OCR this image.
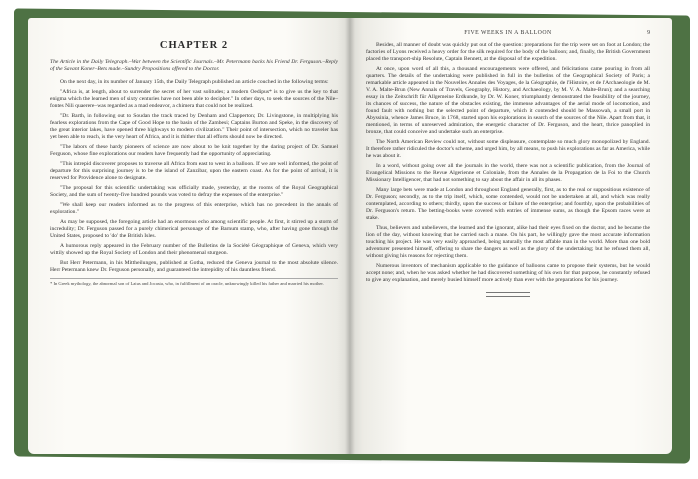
CHAPTER 2

The Article in the Daily Telegraph.–War between the Scientific Journals.–Mr. Petermann backs his Friend Dr. Ferguson.–Reply of the Savant Koner–Bets made.–Sundry Propositions offered to the Doctor.

On the next day, in its number of January 15th, the Daily Telegraph published an article couched in the following terms:

"Africa is, at length, about to surrender the secret of her vast solitudes; a modern Oedipus* is to give us the key to that enigma which the learned men of sixty centuries have not been able to decipher." In other days, to seek the sources of the Nile–fontes Nili quaerere–was regarded as a mad endeavor, a chimera that could not be realized.

"Dr. Barth, in following out to Soudan the track traced by Denham and Clapperton; Dr. Livingstone, in multiplying his fearless explorations from the Cape of Good Hope to the basin of the Zambesi; Captains Burton and Speke, in the discovery of the great interior lakes, have opened three highways to modern civilization." Their point of intersection, which no traveler has yet been able to reach, is the very heart of Africa, and it is thither that all efforts should now be directed.

"The labors of these hardy pioneers of science are now about to be knit together by the daring project of Dr. Samuel Ferguson, whose fine explorations our readers have frequently had the opportunity of appreciating.

"This intrepid discoverer proposes to traverse all Africa from east to west in a balloon. If we are well informed, the point of departure for this surprising journey is to be the island of Zanzibar, upon the eastern coast. As for the point of arrival, it is reserved for Providence alone to designate.

"The proposal for this scientific undertaking was officially made, yesterday, at the rooms of the Royal Geographical Society, and the sum of twenty-five hundred pounds was voted to defray the expenses of the enterprise."

"We shall keep our readers informed as to the progress of this enterprise, which has no precedent in the annals of exploration."

As may be supposed, the foregoing article had an enormous echo among scientific people. At first, it stirred up a storm of incredulity; Dr. Ferguson passed for a purely chimerical personage of the Barnum stamp, who, after having gone through the United States, proposed to 'do' the British Isles.

A humorous reply appeared in the February number of the Bulletins de la Société Géographique of Geneva, which very wittily showed up the Royal Society of London and their phenomenal sturgeon.

But Herr Petermann, in his Mittheilungen, published at Gotha, reduced the Geneva journal to the most absolute silence. Herr Petermann knew Dr. Ferguson personally, and guaranteed the intrepidity of his dauntless friend.

* In Greek mythology, the abnormal son of Laius and Jocasta, who, in fulfillment of an oracle, unknowingly killed his father and married his mother.
FIVE WEEKS IN A BALLOON	9

Besides, all manner of doubt was quickly put out of the question: preparations for the trip were set on foot at London; the factories of Lyons received a heavy order for the silk required for the body of the balloon; and, finally, the British Government placed the transport-ship Resolute, Captain Bennett, at the disposal of the expedition.

At once, upon word of all this, a thousand encouragements were offered, and felicitations came pouring in from all quarters. The details of the undertaking were published in full in the bulletins of the Geographical Society of Paris; a remarkable article appeared in the Nouvelles Annales des Voyages, de la Géographie, de l'Histoire, et de l'Archaeologie de M. V. A. Malte-Brun (New Annals of Travels, Geography, History, and Archaeology, by M. V. A. Malte-Brun); and a searching essay in the Zeitschrift für Allgemeine Erdkunde, by Dr. W. Koner, triumphantly demonstrated the feasibility of the journey, its chances of success, the nature of the obstacles existing, the immense advantages of the aerial mode of locomotion, and found fault with nothing but the selected point of departure, which it contended should be Massowah, a small port in Abyssinia, whence James Bruce, in 1768, started upon his explorations in search of the sources of the Nile. Apart from that, it mentioned, in terms of unreserved admiration, the energetic character of Dr. Ferguson, and the heart, thrice panoplied in bronze, that could conceive and undertake such an enterprise.

The North American Review could not, without some displeasure, contemplate so much glory monopolized by England. It therefore rather ridiculed the doctor's scheme, and urged him, by all means, to push his explorations as far as America, while he was about it.

In a word, without going over all the journals in the world, there was not a scientific publication, from the Journal of Evangelical Missions to the Revue Algerienne et Coloniale, from the Annales de la Propagation de la Foi to the Church Missionary Intelligencer, that had not something to say about the affair in all its phases.

Many large bets were made at London and throughout England generally, first, as to the real or suppositious existence of Dr. Ferguson; secondly, as to the trip itself, which, some contended, would not be undertaken at all, and which was really contemplated, according to others; thirdly, upon the success or failure of the enterprise; and fourthly, upon the probabilities of Dr. Ferguson's return. The betting-books were covered with entries of immense sums, as though the Epsom races were at stake.

Thus, believers and unbelievers, the learned and the ignorant, alike had their eyes fixed on the doctor, and he became the lion of the day, without knowing that he carried such a mane. On his part, he willingly gave the most accurate information touching his project. He was very easily approached, being naturally the most affable man in the world. More than one bold adventurer presented himself, offering to share the dangers as well as the glory of the undertaking; but he refused them all, without giving his reasons for rejecting them.

Numerous inventors of mechanism applicable to the guidance of balloons came to propose their systems, but he would accept none; and, when he was asked whether he had discovered something of his own for that purpose, he constantly refused to give any explanation, and merely busied himself more actively than ever with the preparations for his journey.
